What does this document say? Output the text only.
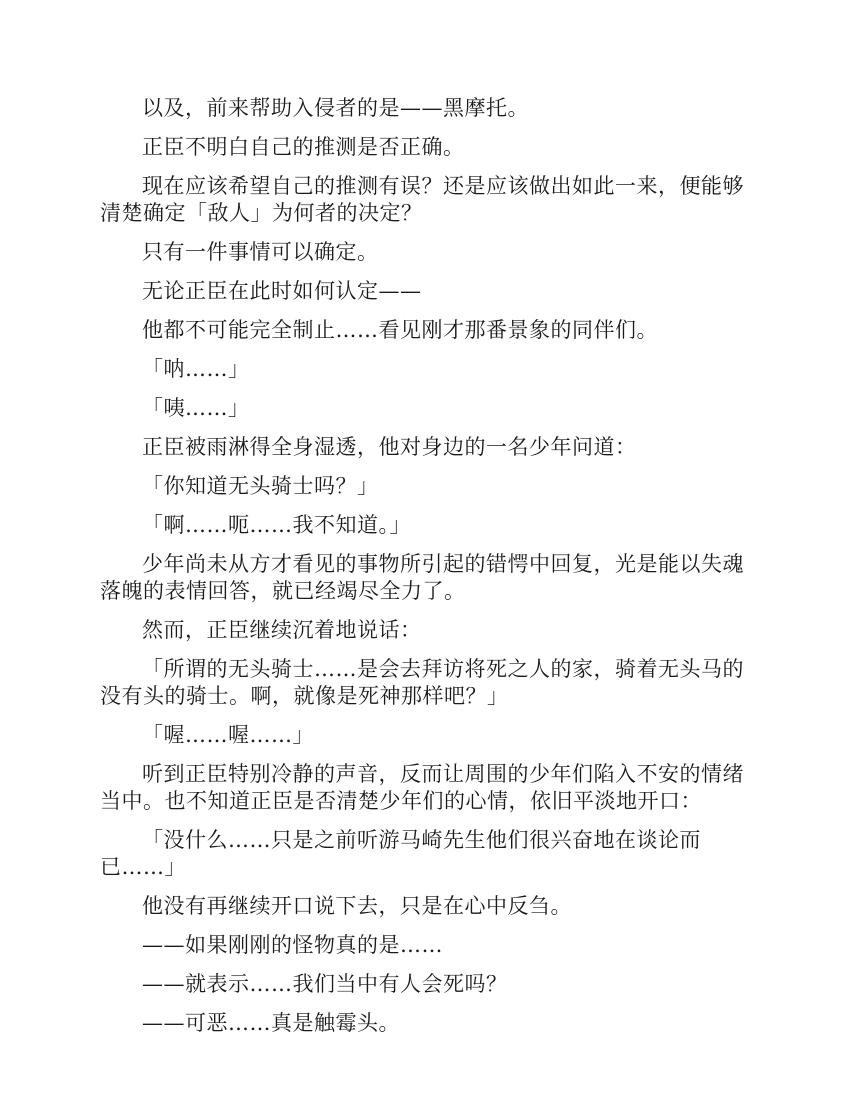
以及，前来帮助入侵者的是——黑摩托。

正臣不明白自己的推测是否正确。

现在应该希望自己的推测有误？还是应该做出如此一来，便能够清楚确定「敌人」为何者的决定？

只有一件事情可以确定。

无论正臣在此时如何认定——

他都不可能完全制止……看见刚才那番景象的同伴们。

「呐……」

「咦……」

正臣被雨淋得全身湿透，他对身边的一名少年问道：

「你知道无头骑士吗？」

「啊……呃……我不知道。」

少年尚未从方才看见的事物所引起的错愕中回复，光是能以失魂落魄的表情回答，就已经竭尽全力了。

然而，正臣继续沉着地说话：

「所谓的无头骑士……是会去拜访将死之人的家，骑着无头马的没有头的骑士。啊，就像是死神那样吧？」

「喔……喔……」

听到正臣特别冷静的声音，反而让周围的少年们陷入不安的情绪当中。也不知道正臣是否清楚少年们的心情，依旧平淡地开口：

「没什么……只是之前听游马崎先生他们很兴奋地在谈论而已……」

他没有再继续开口说下去，只是在心中反刍。

——如果刚刚的怪物真的是……

——就表示……我们当中有人会死吗？

——可恶……真是触霉头。
